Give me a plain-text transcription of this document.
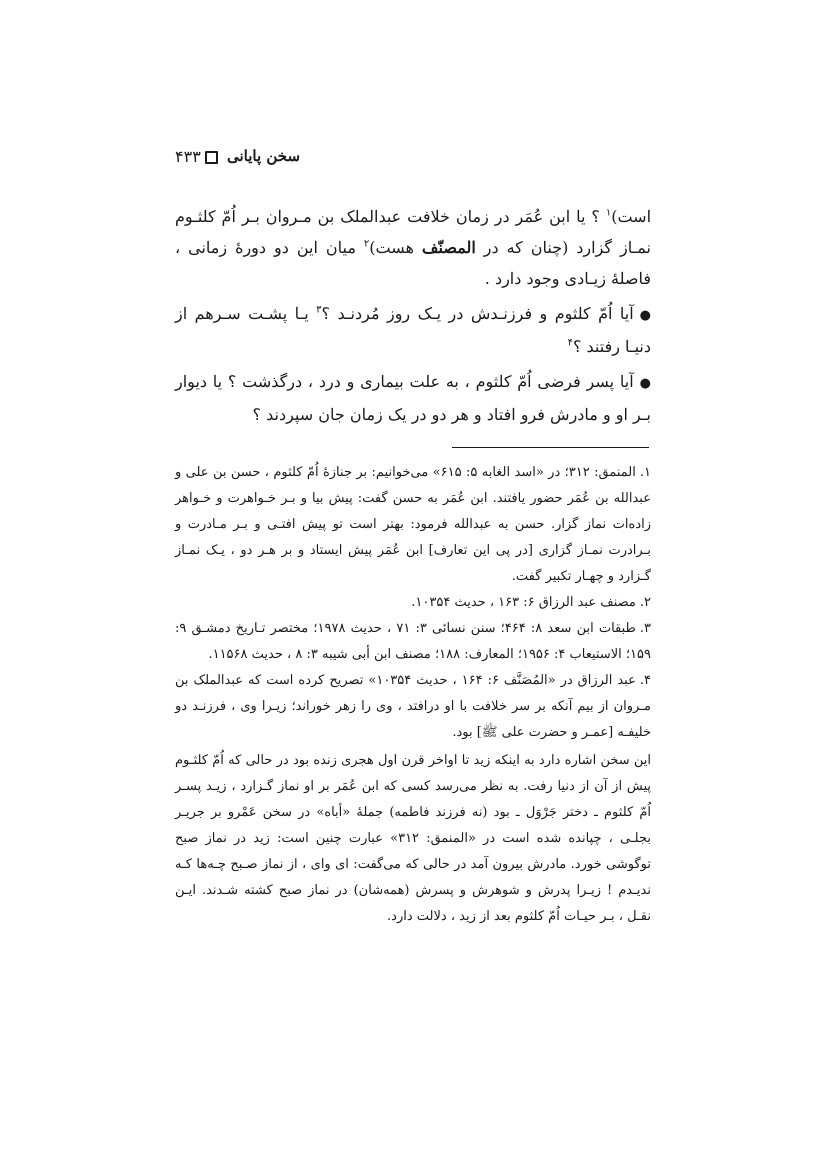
۴۳۳ سخن پایانی

است)$^۱$ ؟ یا ابن عُمَر در زمان خلافت عبدالملک بن مـروان بـر اُمّ کلثـوم نمـاز گزارد (چنان که در المصنّف هست)$^۲$ میان این دو دورهٔ زمانی ، فاصلهٔ زیـادی وجود دارد .

●آیا اُمّ کلثوم و فرزنـدش در یـک روز مُردنـد ؟$^۳$ یـا پشـت سـرهم از دنیـا رفتند ؟$^۴$

●آیا پسر فرضی اُمّ کلثوم ، به علت بیماری و درد ، درگذشت ؟ یا دیوار بـر او و مادرش فرو افتاد و هر دو در یک زمان جان سپردند ؟

۱.المنمق: ۳۱۲؛ در «اسد الغابه ۵: ۶۱۵» می‌خوانیم: بر جنازهٔ اُمّ کلثوم ، حسن بن علی و عبدالله بن عُمَر حضور یافتند. ابن عُمَر به حسن گفت: پیش بیا و بـر خـواهرت و خـواهر زاده‌ات نماز گزار. حسن به عبدالله فرمود: بهتر است تو پیش افتـی و بـر مـادرت و بـرادرت نمـاز گزاری [در پی این تعارف] ابن عُمَر پیش ایستاد و بر هـر دو ، یـک نمـاز گـزارد و چهـار تکبیر گفت.

۲.مصنف عبد الرزاق ۶: ۱۶۳ ، حدیث ۱۰۳۵۴.

۳.طبقات ابن سعد ۸: ۴۶۴؛ سنن نسائی ۳: ۷۱ ، حدیث ۱۹۷۸؛ مختصر تـاریخ دمشـق ۹: ۱۵۹؛ الاستیعاب ۴: ۱۹۵۶؛ المعارف: ۱۸۸؛ مصنف ابن أبی شیبه ۳: ۸ ، حدیث ۱۱۵۶۸.

۴.عبد الرزاق در «المُصَنَّف ۶: ۱۶۴ ، حدیث ۱۰۳۵۴» تصریح کرده است که عبدالملک بن مـروان از بیم آنکه بر سر خلافت با او درافتد ، وی را زهر خوراند؛ زیـرا وی ، فرزنـد دو خلیفـه [عمـر و حضرت علی ﷺ] بود.

این سخن اشاره دارد به اینکه زید تا اواخر قرن اول هجری زنده بود در حالی که اُمّ کلثـوم پیش از آن از دنیا رفت. به نظر می‌رسد کسی که ابن عُمَر بر او نماز گـزارد ، زیـد پسـر اُمّ کلثوم ـ دختر جَرْوَل ـ بود (نه فرزند فاطمه) جملهٔ «أباه» در سخن عَمْرو بر جریـر بجلـی ، چپانده شده است در «المنمق: ۳۱۲» عبارت چنین است: زید در نماز صبح توگوشی خورد. مادرش بیرون آمد در حالی که می‌گفت: ای وای ، از نماز صـبح چـه‌ها کـه ندیـدم ! زیـرا پدرش و شوهرش و پسرش (همه‌شان) در نماز صبح کشته شـدند. ایـن نقـل ، بـر حیـات اُمّ کلثوم بعد از زید ، دلالت دارد.
